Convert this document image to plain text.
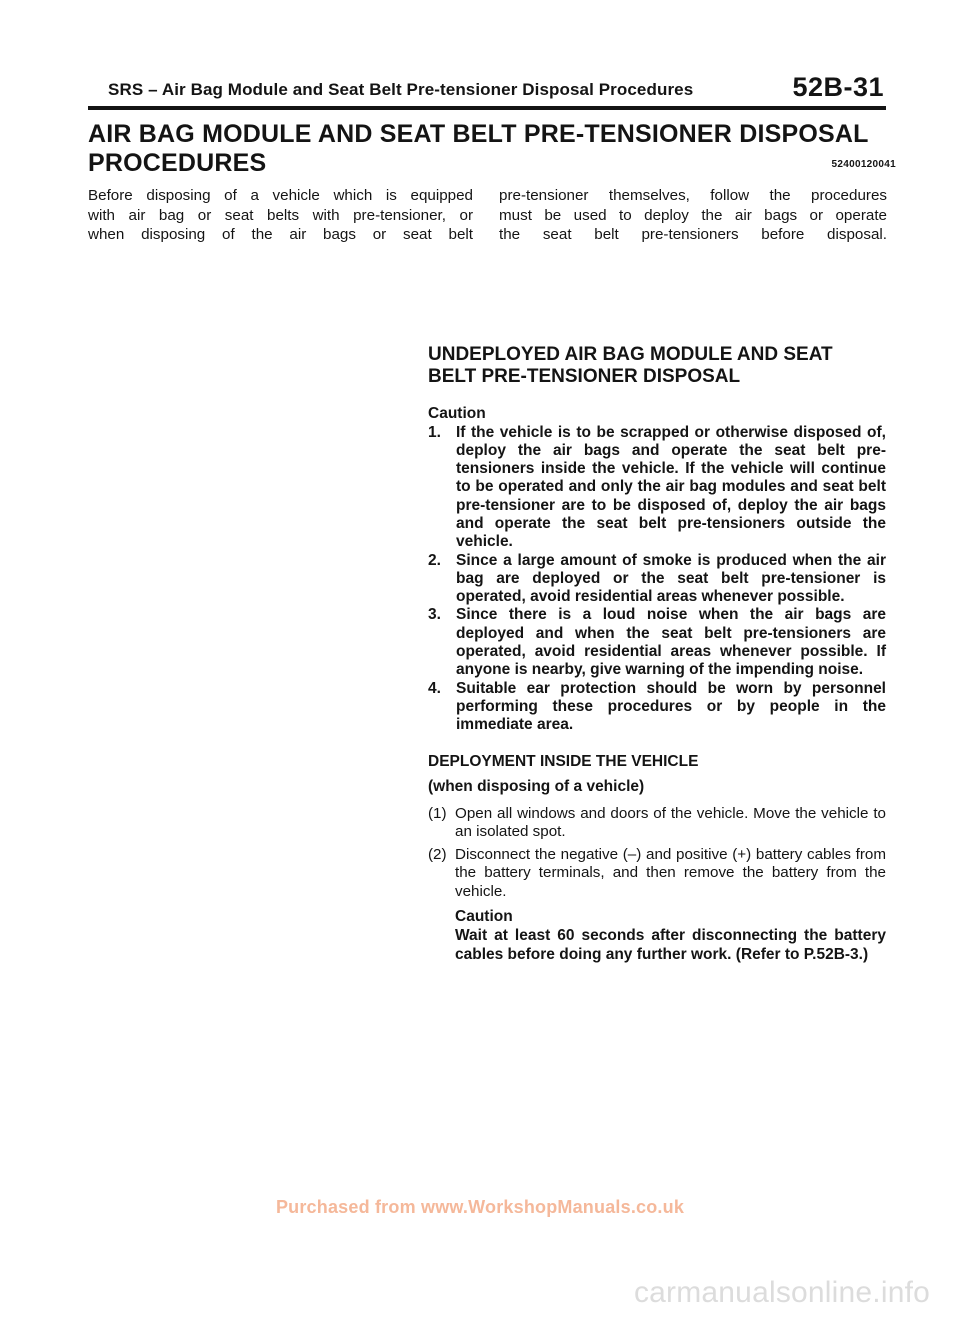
SRS – Air Bag Module and Seat Belt Pre-tensioner Disposal Procedures	52B-31
AIR BAG MODULE AND SEAT BELT PRE-TENSIONER DISPOSAL
PROCEDURES	52400120041

Before disposing of a vehicle which is equipped
with air bag or seat belts with pre-tensioner, or
when disposing of the air bags or seat belt

pre-tensioner themselves, follow the procedures
must be used to deploy the air bags or operate
the seat belt pre-tensioners before disposal.

UNDEPLOYED AIR BAG MODULE AND SEAT
BELT PRE-TENSIONER DISPOSAL

Caution

1. If the vehicle is to be scrapped or otherwise disposed of, deploy the air bags and operate the seat belt pre-tensioners inside the vehicle. If the vehicle will continue to be operated and only the air bag modules and seat belt pre-tensioner are to be disposed of, deploy the air bags and operate the seat belt pre-tensioners outside the vehicle.
2. Since a large amount of smoke is produced when the air bag are deployed or the seat belt pre-tensioner is operated, avoid residential areas whenever possible.
3. Since there is a loud noise when the air bags are deployed and when the seat belt pre-tensioners are operated, avoid residential areas whenever possible. If anyone is nearby, give warning of the impending noise.
4. Suitable ear protection should be worn by personnel performing these procedures or by people in the immediate area.

DEPLOYMENT INSIDE THE VEHICLE

(when disposing of a vehicle)

(1) Open all windows and doors of the vehicle. Move the vehicle to an isolated spot.
(2) Disconnect the negative (–) and positive (+) battery cables from the battery terminals, and then remove the battery from the vehicle.

Caution

Wait at least 60 seconds after disconnecting the battery cables before doing any further work. (Refer to P.52B-3.)

Purchased from www.WorkshopManuals.co.uk
carmanualsonline.info
